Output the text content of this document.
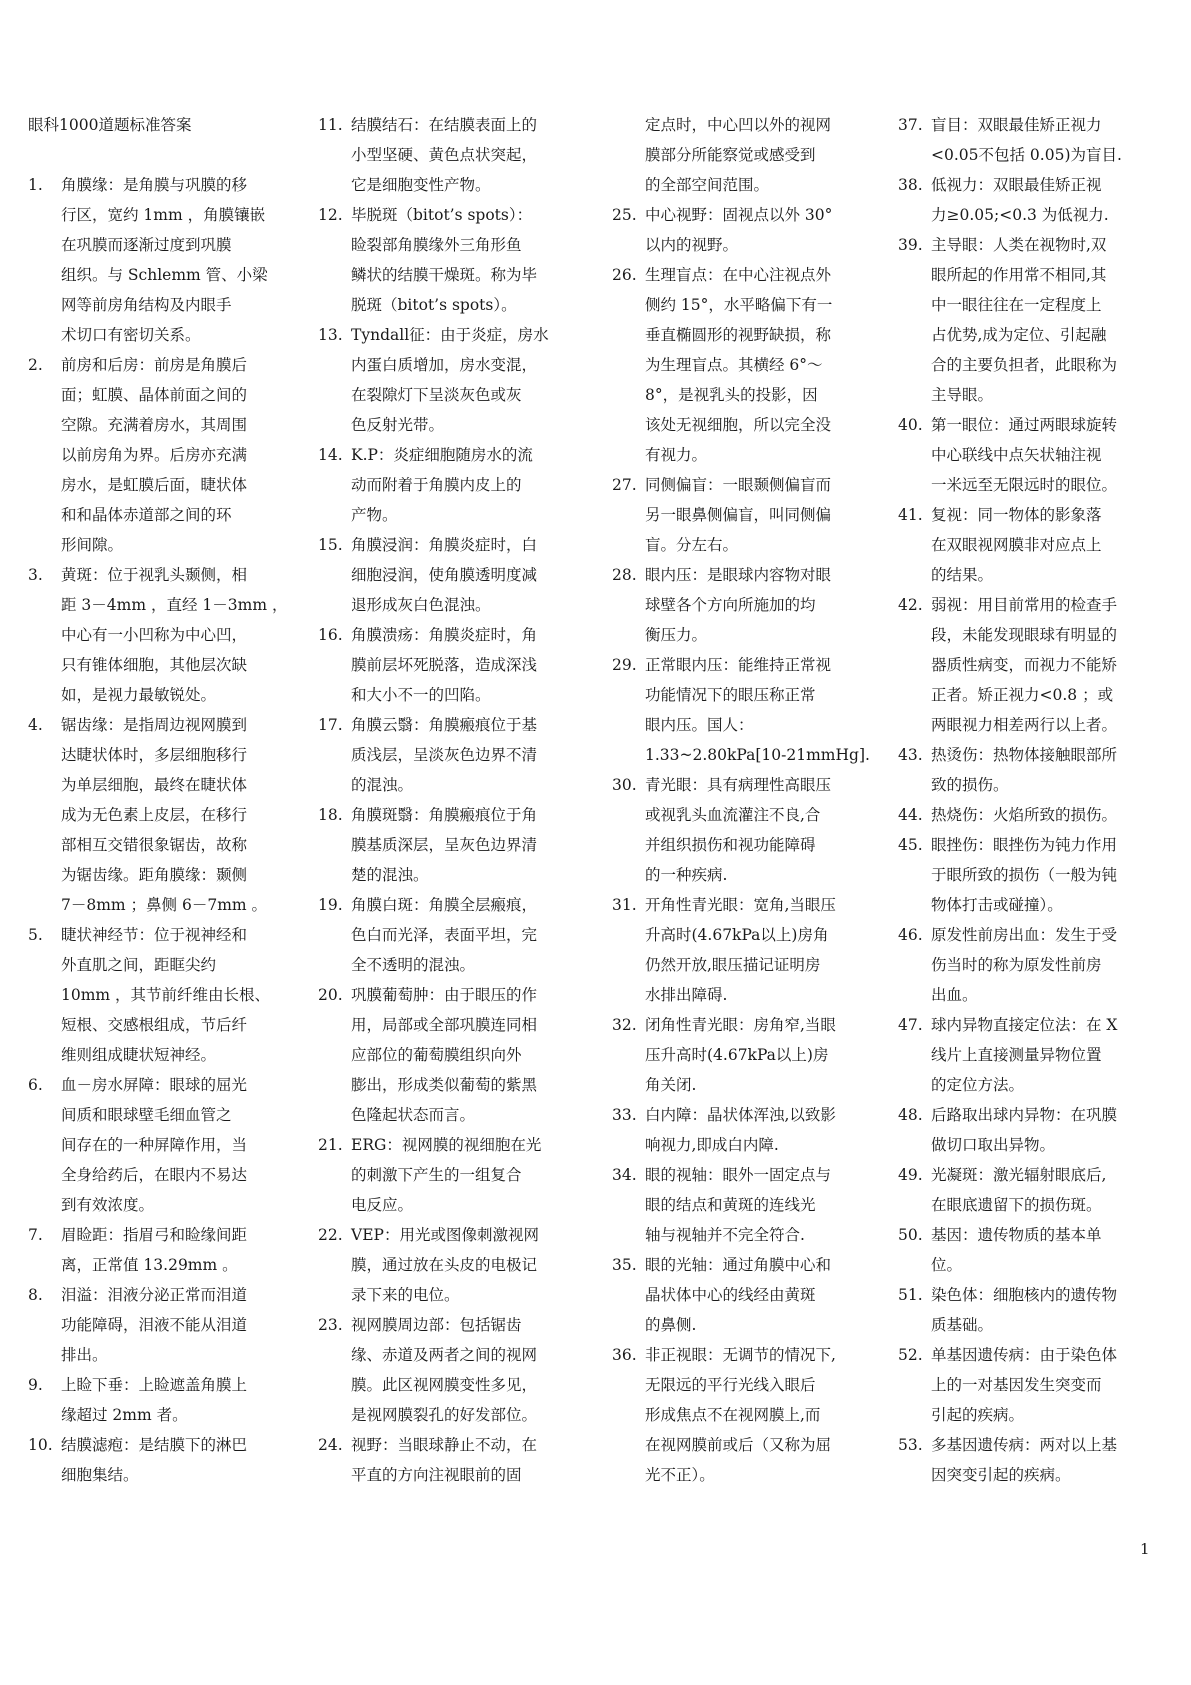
眼科1000道题标准答案
1. 角膜缘：是角膜与巩膜的移
行区，宽约 1mm ，角膜镶嵌
在巩膜而逐渐过度到巩膜
组织。与 Schlemm 管、小梁
网等前房角结构及内眼手
术切口有密切关系。
2. 前房和后房：前房是角膜后
面；虹膜、晶体前面之间的
空隙。充满着房水，其周围
以前房角为界。后房亦充满
房水，是虹膜后面，睫状体
和和晶体赤道部之间的环
形间隙。
3. 黄斑：位于视乳头颞侧，相
距 3－4mm ，直经 1－3mm ，
中心有一小凹称为中心凹，
只有锥体细胞，其他层次缺
如，是视力最敏锐处。
4. 锯齿缘：是指周边视网膜到
达睫状体时，多层细胞移行
为单层细胞，最终在睫状体
成为无色素上皮层，在移行
部相互交错很象锯齿，故称
为锯齿缘。距角膜缘：颞侧
7－8mm ；鼻侧 6－7mm 。
5. 睫状神经节：位于视神经和
外直肌之间，距眶尖约
10mm ，其节前纤维由长根、
短根、交感根组成，节后纤
维则组成睫状短神经。
6. 血－房水屏障：眼球的屈光
间质和眼球壁毛细血管之
间存在的一种屏障作用，当
全身给药后，在眼内不易达
到有效浓度。
7. 眉睑距：指眉弓和睑缘间距
离，正常值 13.29mm 。
8. 泪溢：泪液分泌正常而泪道
功能障碍，泪液不能从泪道
排出。
9. 上睑下垂：上睑遮盖角膜上
缘超过 2mm 者。
10. 结膜滤疱：是结膜下的淋巴
细胞集结。
11. 结膜结石：在结膜表面上的
小型坚硬、黄色点状突起，
它是细胞变性产物。
12. 毕脱斑（bitot’s spots）：
睑裂部角膜缘外三角形鱼
鳞状的结膜干燥斑。称为毕
脱斑（bitot’s spots）。
13. Tyndall征：由于炎症，房水
内蛋白质增加，房水变混，
在裂隙灯下呈淡灰色或灰
色反射光带。
14. K.P：炎症细胞随房水的流
动而附着于角膜内皮上的
产物。
15. 角膜浸润：角膜炎症时，白
细胞浸润，使角膜透明度减
退形成灰白色混浊。
16. 角膜溃疡：角膜炎症时，角
膜前层坏死脱落，造成深浅
和大小不一的凹陷。
17. 角膜云翳：角膜瘢痕位于基
质浅层，呈淡灰色边界不清
的混浊。
18. 角膜斑翳：角膜瘢痕位于角
膜基质深层，呈灰色边界清
楚的混浊。
19. 角膜白斑：角膜全层瘢痕，
色白而光泽，表面平坦，完
全不透明的混浊。
20. 巩膜葡萄肿：由于眼压的作
用，局部或全部巩膜连同相
应部位的葡萄膜组织向外
膨出，形成类似葡萄的紫黑
色隆起状态而言。
21. ERG：视网膜的视细胞在光
的刺激下产生的一组复合
电反应。
22. VEP：用光或图像刺激视网
膜，通过放在头皮的电极记
录下来的电位。
23. 视网膜周边部：包括锯齿
缘、赤道及两者之间的视网
膜。此区视网膜变性多见，
是视网膜裂孔的好发部位。
24. 视野：当眼球静止不动，在
平直的方向注视眼前的固
定点时，中心凹以外的视网
膜部分所能察觉或感受到
的全部空间范围。
25. 中心视野：固视点以外 30°
以内的视野。
26. 生理盲点：在中心注视点外
侧约 15°，水平略偏下有一
垂直椭圆形的视野缺损，称
为生理盲点。其横经 6°～
8°，是视乳头的投影，因
该处无视细胞，所以完全没
有视力。
27. 同侧偏盲：一眼颞侧偏盲而
另一眼鼻侧偏盲，叫同侧偏
盲。分左右。
28. 眼内压：是眼球内容物对眼
球壁各个方向所施加的均
衡压力。
29. 正常眼内压：能维持正常视
功能情况下的眼压称正常
眼内压。国人：
1.33~2.80kPa[10-21mmHg].
30. 青光眼：具有病理性高眼压
或视乳头血流灌注不良,合
并组织损伤和视功能障碍
的一种疾病.
31. 开角性青光眼：宽角,当眼压
升高时(4.67kPa以上)房角
仍然开放,眼压描记证明房
水排出障碍.
32. 闭角性青光眼：房角窄,当眼
压升高时(4.67kPa以上)房
角关闭.
33. 白内障：晶状体浑浊,以致影
响视力,即成白内障.
34. 眼的视轴：眼外一固定点与
眼的结点和黄斑的连线光
轴与视轴并不完全符合.
35. 眼的光轴：通过角膜中心和
晶状体中心的线经由黄斑
的鼻侧.
36. 非正视眼：无调节的情况下,
无限远的平行光线入眼后
形成焦点不在视网膜上,而
在视网膜前或后（又称为屈
光不正）。
37. 盲目：双眼最佳矫正视力
<0.05不包括 0.05)为盲目.
38. 低视力：双眼最佳矫正视
力≥0.05;<0.3 为低视力.
39. 主导眼：人类在视物时,双
眼所起的作用常不相同,其
中一眼往往在一定程度上
占优势,成为定位、引起融
合的主要负担者，此眼称为
主导眼。
40. 第一眼位：通过两眼球旋转
中心联线中点矢状轴注视
一米远至无限远时的眼位。
41. 复视：同一物体的影象落
在双眼视网膜非对应点上
的结果。
42. 弱视：用目前常用的检查手
段，未能发现眼球有明显的
器质性病变，而视力不能矫
正者。矫正视力<0.8 ；或
两眼视力相差两行以上者。
43. 热烫伤：热物体接触眼部所
致的损伤。
44. 热烧伤：火焰所致的损伤。
45. 眼挫伤：眼挫伤为钝力作用
于眼所致的损伤（一般为钝
物体打击或碰撞）。
46. 原发性前房出血：发生于受
伤当时的称为原发性前房
出血。
47. 球内异物直接定位法：在 X
线片上直接测量异物位置
的定位方法。
48. 后路取出球内异物：在巩膜
做切口取出异物。
49. 光凝斑：激光辐射眼底后,
在眼底遗留下的损伤斑。
50. 基因：遗传物质的基本单
位。
51. 染色体：细胞核内的遗传物
质基础。
52. 单基因遗传病：由于染色体
上的一对基因发生突变而
引起的疾病。
53. 多基因遗传病：两对以上基
因突变引起的疾病。
1
